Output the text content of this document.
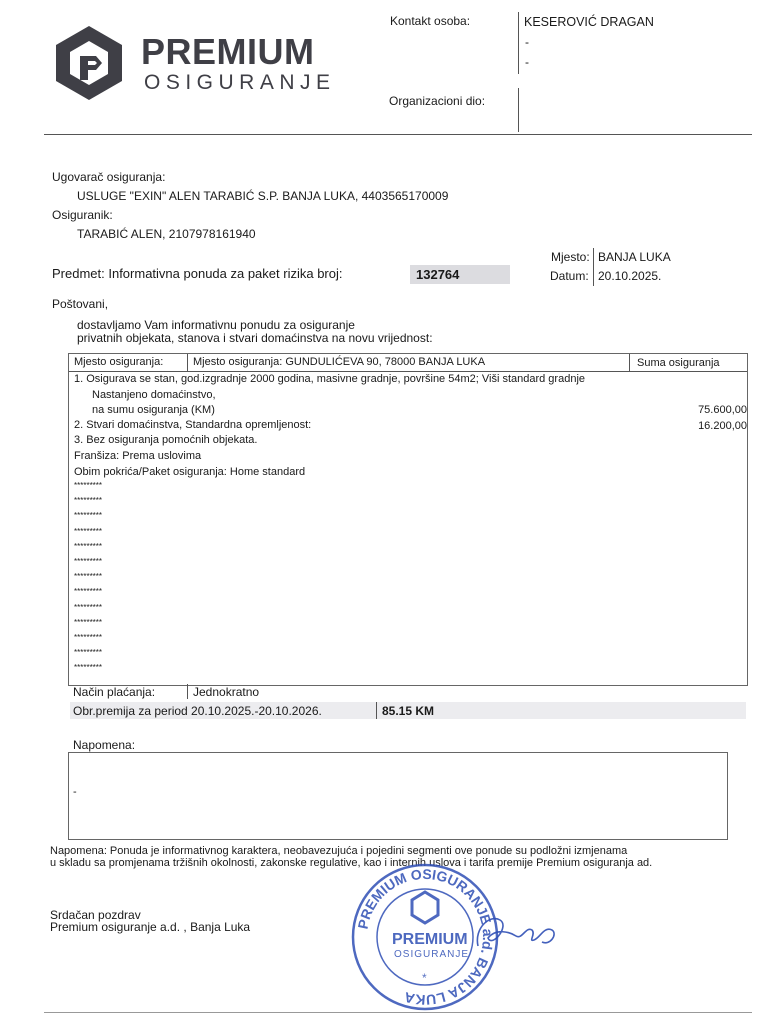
PREMIUM
OSIGURANJE
Kontakt osoba:	KESEROVIĆ DRAGAN
-
-
Organizacioni dio:
Ugovarač osiguranja:
USLUGE "EXIN" ALEN TARABIĆ S.P. BANJA LUKA, 4403565170009
Osiguranik:
TARABIĆ ALEN, 2107978161940
Predmet: Informativna ponuda za paket rizika broj:	132764
Mjesto: BANJA LUKA
Datum: 20.10.2025.
Poštovani,
dostavljamo Vam informativnu ponudu za osiguranje
privatnih objekata, stanova i stvari domaćinstva na novu vrijednost:
Mjesto osiguranja:	Mjesto osiguranja: GUNDULIĆEVA 90, 78000 BANJA LUKA	Suma osiguranja
1. Osigurava se stan, god.izgradnje 2000 godina, masivne gradnje, površine 54m2; Viši standard gradnje
Nastanjeno domaćinstvo,
na sumu osiguranja (KM)	75.600,00
2. Stvari domaćinstva, Standardna opremljenost:	16.200,00
3. Bez osiguranja pomoćnih objekata.
Franšiza: Prema uslovima
Obim pokrića/Paket osiguranja: Home standard
*********
*********
*********
*********
*********
*********
*********
*********
*********
*********
*********
*********
*********
Način plaćanja:	Jednokratno
Obr.premija za period 20.10.2025.-20.10.2026.	85.15 KM
Napomena:
-
Napomena: Ponuda je informativnog karaktera, neobavezujuća i pojedini segmenti ove ponude su podložni izmjenama
u skladu sa promjenama tržišnih okolnosti, zakonske regulative, kao i internih uslova i tarifa premije Premium osiguranja ad.
Srdačan pozdrav
Premium osiguranje a.d. , Banja Luka	PREMIUM OSIGURANJE a.d. BANJA LUKA
PREMIUM
OSIGURANJE
*
